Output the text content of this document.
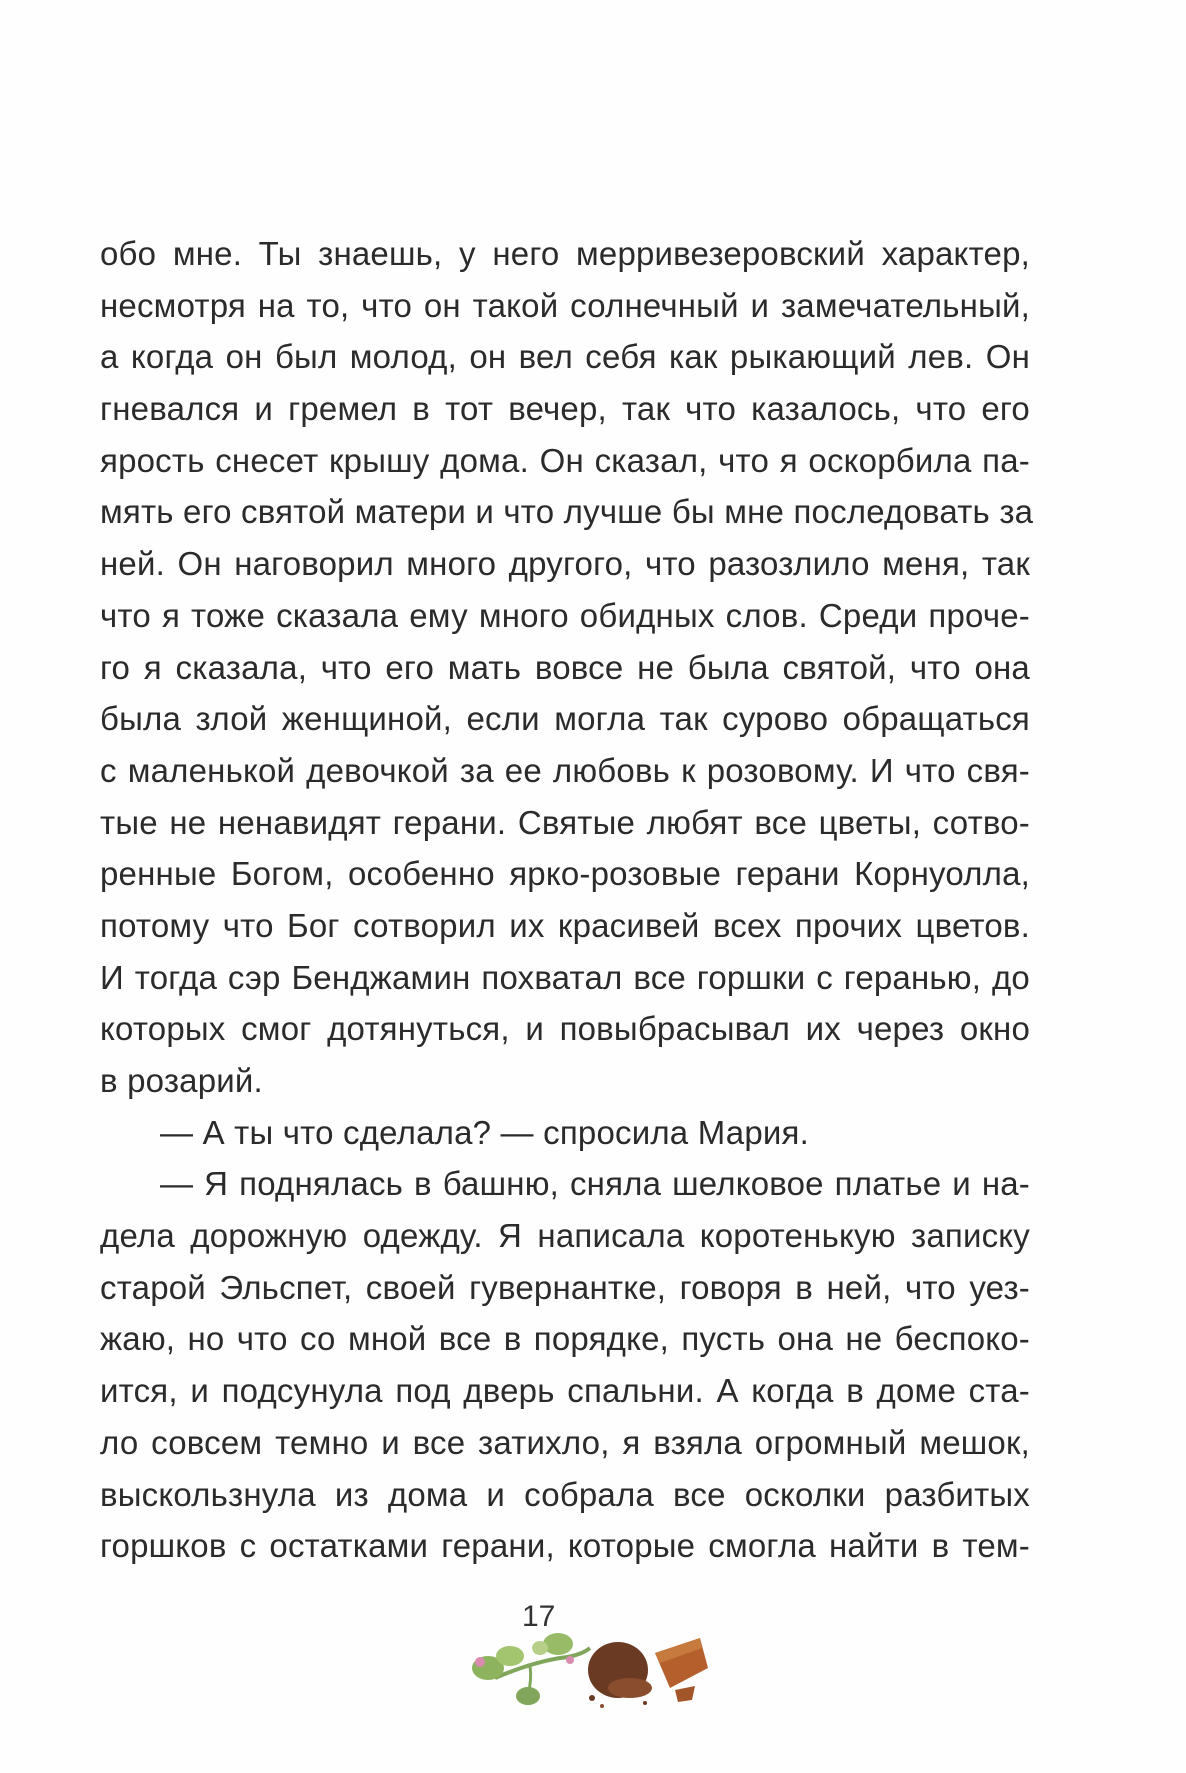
обо мне. Ты знаешь, у него мерривезеровский характер,
несмотря на то, что он такой солнечный и замечательный,
а когда он был молод, он вел себя как рыкающий лев. Он
гневался и гремел в тот вечер, так что казалось, что его
ярость снесет крышу дома. Он сказал, что я оскорбила па-
мять его святой матери и что лучше бы мне последовать за
ней. Он наговорил много другого, что разозлило меня, так
что я тоже сказала ему много обидных слов. Среди проче-
го я сказала, что его мать вовсе не была святой, что она
была злой женщиной, если могла так сурово обращаться
с маленькой девочкой за ее любовь к розовому. И что свя-
тые не ненавидят герани. Святые любят все цветы, сотво-
ренные Богом, особенно ярко-розовые герани Корнуолла,
потому что Бог сотворил их красивей всех прочих цветов.
И тогда сэр Бенджамин похватал все горшки с геранью, до
которых смог дотянуться, и повыбрасывал их через окно
в розарий.
— А ты что сделала? — спросила Мария.
— Я поднялась в башню, сняла шелковое платье и на-
дела дорожную одежду. Я написала коротенькую записку
старой Эльспет, своей гувернантке, говоря в ней, что уез-
жаю, но что со мной все в порядке, пусть она не беспоко-
ится, и подсунула под дверь спальни. А когда в доме ста-
ло совсем темно и все затихло, я взяла огромный мешок,
выскользнула из дома и собрала все осколки разбитых
горшков с остатками герани, которые смогла найти в тем-
17
